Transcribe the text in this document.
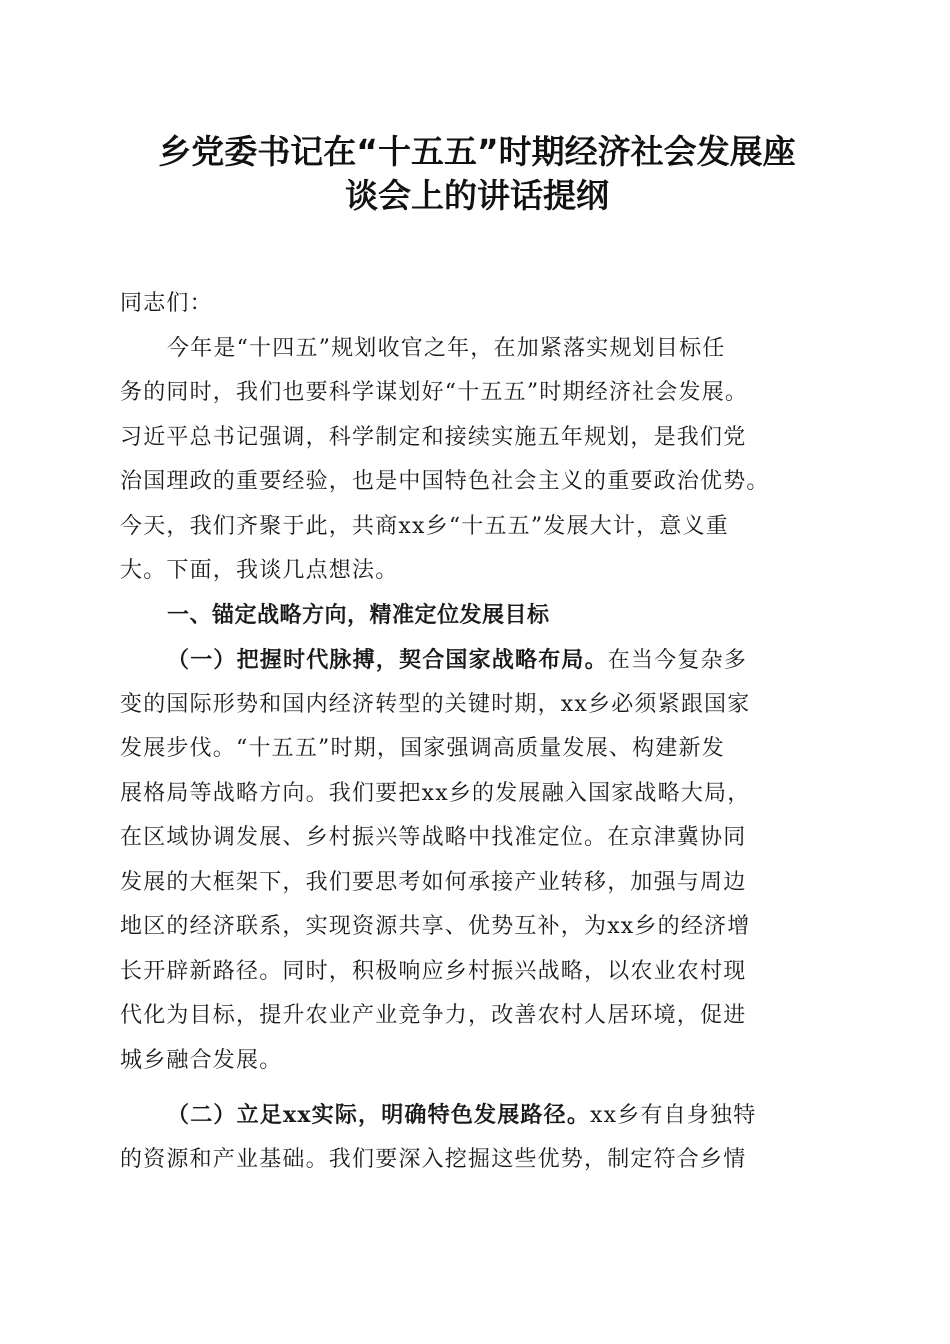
乡党委书记在“十五五”时期经济社会发展座
谈会上的讲话提纲
同志们：
今年是“十四五”规划收官之年，在加紧落实规划目标任
务的同时，我们也要科学谋划好“十五五”时期经济社会发展。
习近平总书记强调，科学制定和接续实施五年规划，是我们党
治国理政的重要经验，也是中国特色社会主义的重要政治优势。
今天，我们齐聚于此，共商xx乡“十五五”发展大计，意义重
大。下面，我谈几点想法。
一、锚定战略方向，精准定位发展目标
（一）把握时代脉搏，契合国家战略布局。在当今复杂多
变的国际形势和国内经济转型的关键时期，xx乡必须紧跟国家
发展步伐。“十五五”时期，国家强调高质量发展、构建新发
展格局等战略方向。我们要把xx乡的发展融入国家战略大局，
在区域协调发展、乡村振兴等战略中找准定位。在京津冀协同
发展的大框架下，我们要思考如何承接产业转移，加强与周边
地区的经济联系，实现资源共享、优势互补，为xx乡的经济增
长开辟新路径。同时，积极响应乡村振兴战略，以农业农村现
代化为目标，提升农业产业竞争力，改善农村人居环境，促进
城乡融合发展。
（二）立足xx实际，明确特色发展路径。xx乡有自身独特
的资源和产业基础。我们要深入挖掘这些优势，制定符合乡情
